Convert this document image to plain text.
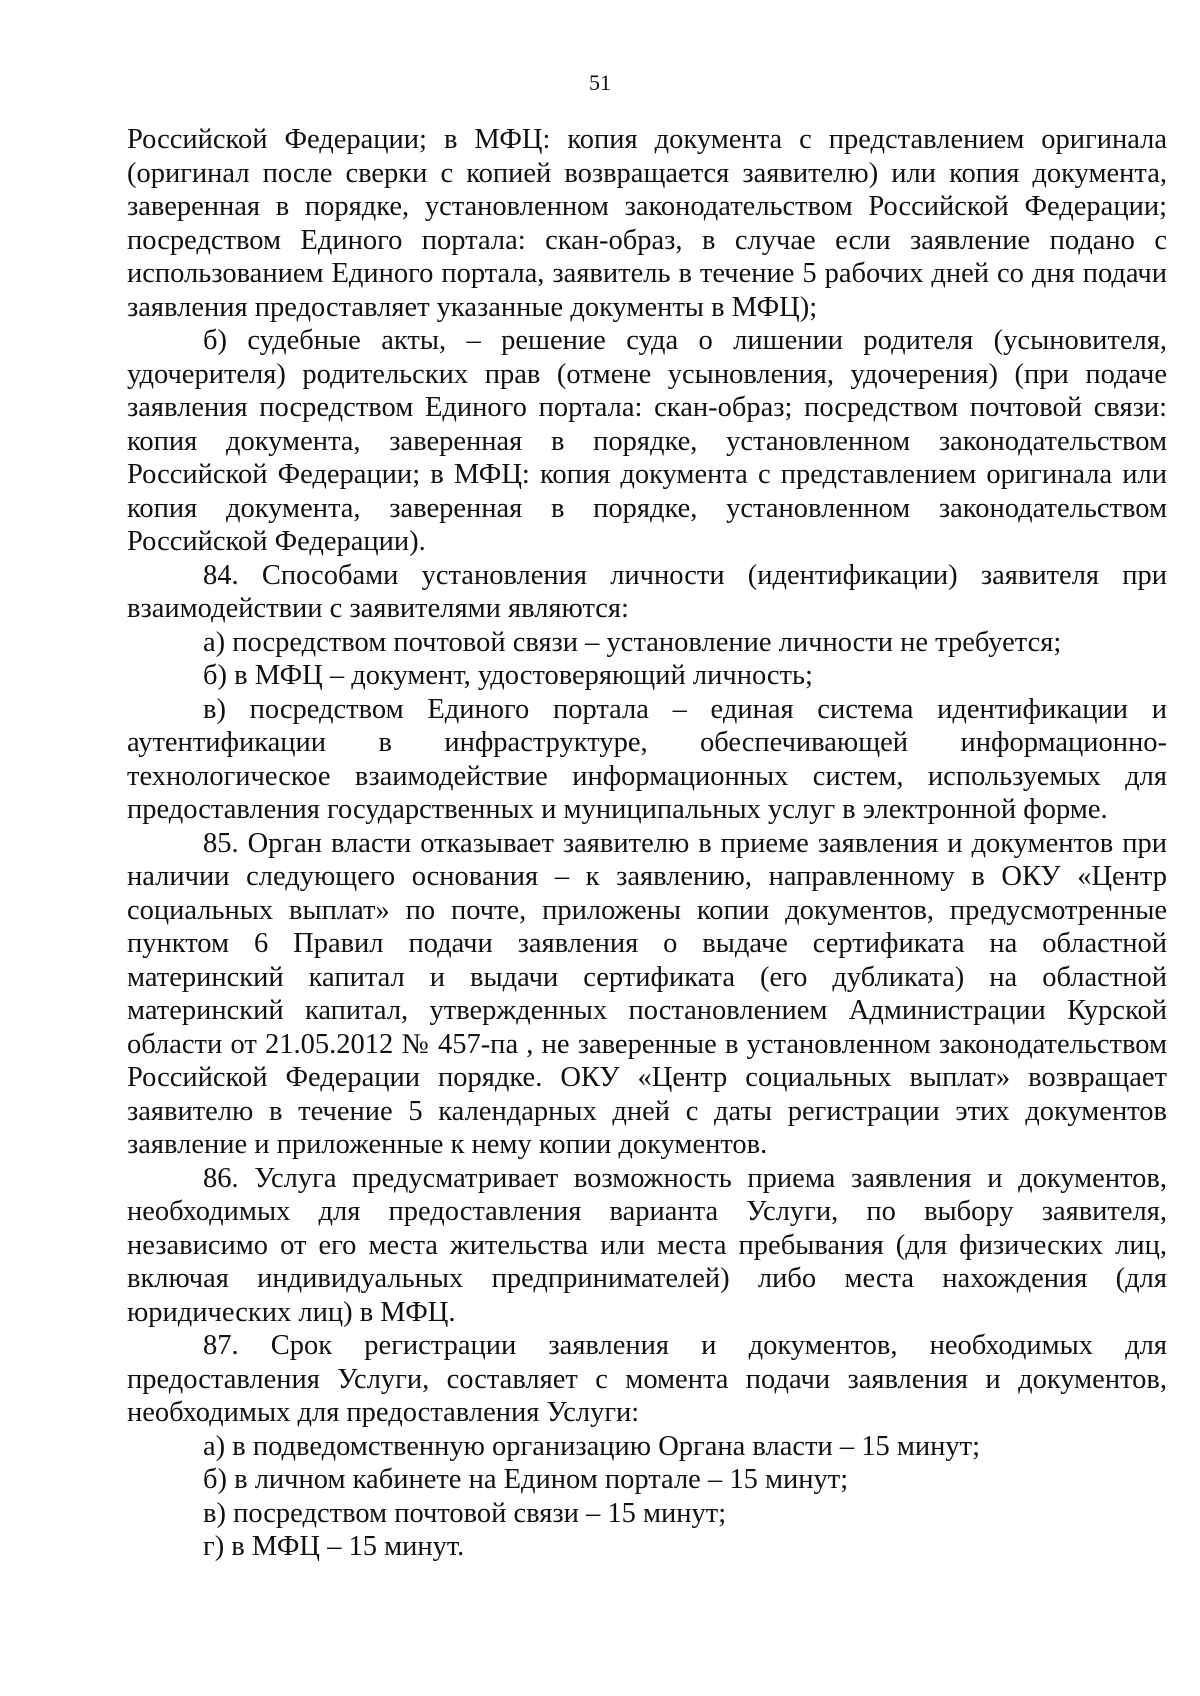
51

Российской Федерации; в МФЦ: копия документа с представлением оригинала (оригинал после сверки с копией возвращается заявителю) или копия документа, заверенная в порядке, установленном законодательством Российской Федерации; посредством Единого портала: скан-образ, в случае если заявление подано с использованием Единого портала, заявитель в течение 5 рабочих дней со дня подачи заявления предоставляет указанные документы в МФЦ);

б) судебные акты, – решение суда о лишении родителя (усыновителя, удочерителя) родительских прав (отмене усыновления, удочерения) (при подаче заявления посредством Единого портала: скан-образ; посредством почтовой связи: копия документа, заверенная в порядке, установленном законодательством Российской Федерации; в МФЦ: копия документа с представлением оригинала или копия документа, заверенная в порядке, установленном законодательством Российской Федерации).

84. Способами установления личности (идентификации) заявителя при взаимодействии с заявителями являются:

а) посредством почтовой связи – установление личности не требуется;

б) в МФЦ – документ, удостоверяющий личность;

в) посредством Единого портала – единая система идентификации и аутентификации в инфраструктуре, обеспечивающей информационно-технологическое взаимодействие информационных систем, используемых для предоставления государственных и муниципальных услуг в электронной форме.

85. Орган власти отказывает заявителю в приеме заявления и документов при наличии следующего основания – к заявлению, направленному в ОКУ «Центр социальных выплат» по почте, приложены копии документов, предусмотренные пунктом 6 Правил подачи заявления о выдаче сертификата на областной материнский капитал и выдачи сертификата (его дубликата) на областной материнский капитал, утвержденных постановлением Администрации Курской области от 21.05.2012 № 457-па , не заверенные в установленном законодательством Российской Федерации порядке. ОКУ «Центр социальных выплат» возвращает заявителю в течение 5 календарных дней с даты регистрации этих документов заявление и приложенные к нему копии документов.

86. Услуга предусматривает возможность приема заявления и документов, необходимых для предоставления варианта Услуги, по выбору заявителя, независимо от его места жительства или места пребывания (для физических лиц, включая индивидуальных предпринимателей) либо места нахождения (для юридических лиц) в МФЦ.

87. Срок регистрации заявления и документов, необходимых для предоставления Услуги, составляет с момента подачи заявления и документов, необходимых для предоставления Услуги:

а) в подведомственную организацию Органа власти – 15 минут;

б) в личном кабинете на Едином портале – 15 минут;

в) посредством почтовой связи – 15 минут;

г) в МФЦ – 15 минут.
